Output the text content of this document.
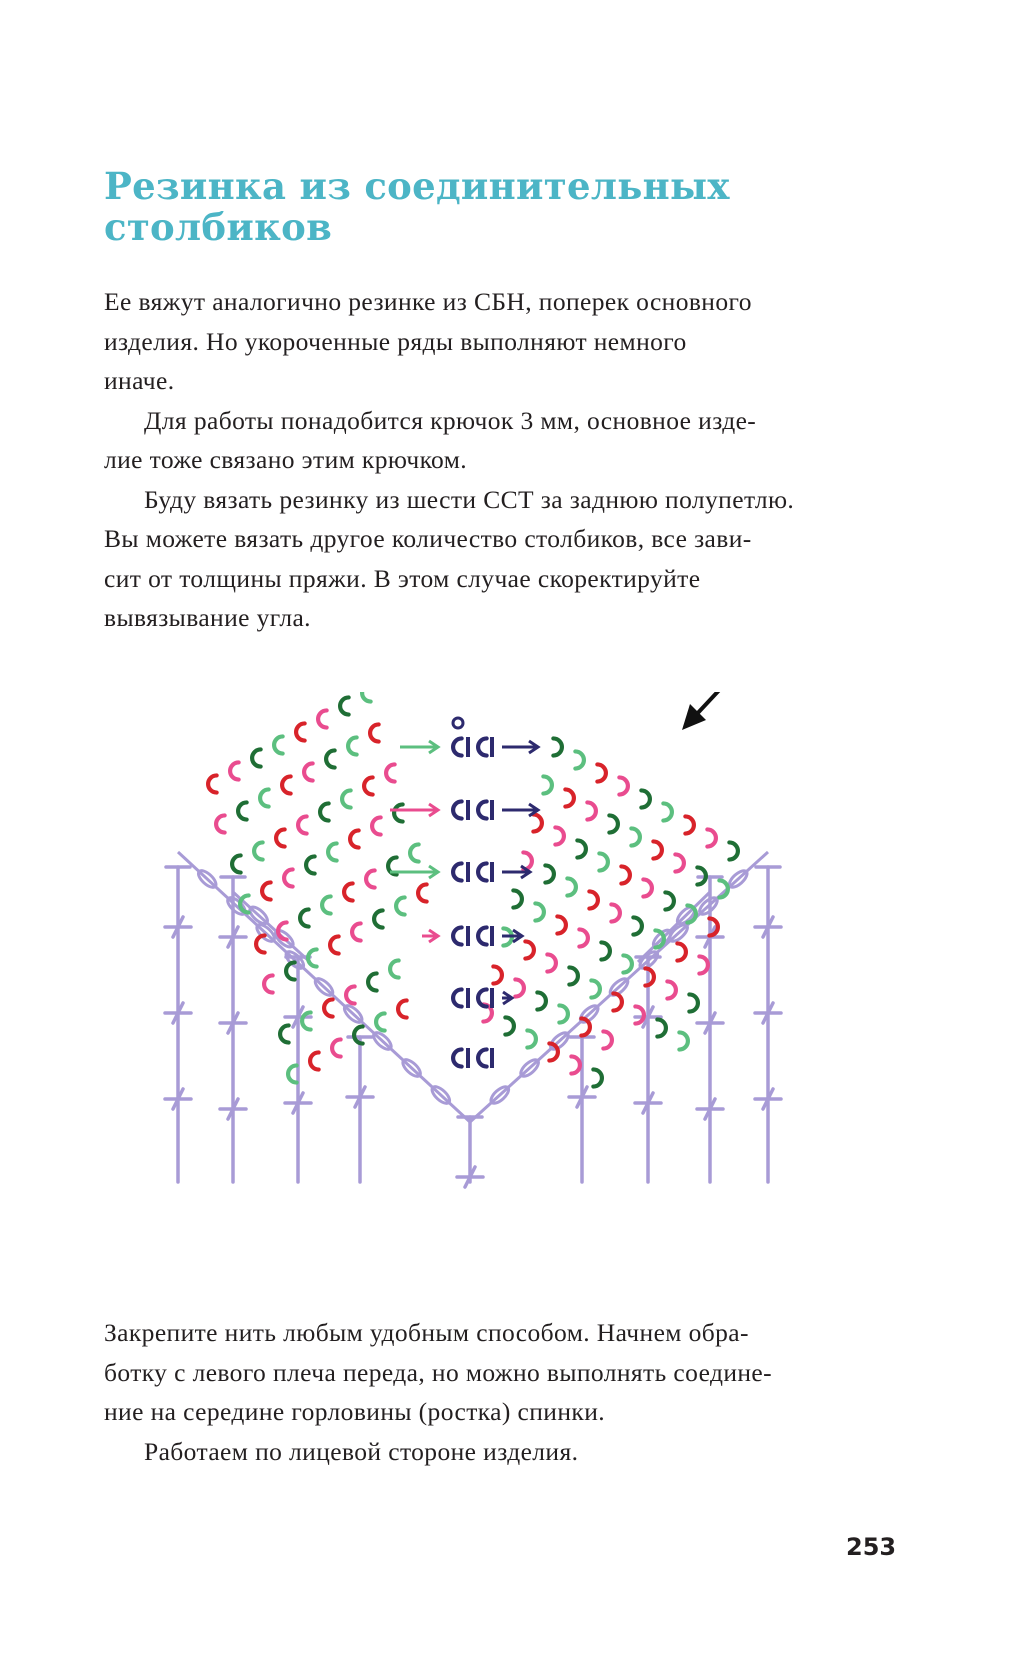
Резинка из соединительных
столбиков

Ее вяжут аналогично резинке из СБН, поперек основного
изделия. Но укороченные ряды выполняют немного
иначе.

Для работы понадобится крючок 3 мм, основное изде-
лие тоже связано этим крючком.

Буду вязать резинку из шести ССТ за заднюю полупетлю.
Вы можете вязать другое количество столбиков, все зави-
сит от толщины пряжи. В этом случае скоректируйте
вывязывание угла.

Закрепите нить любым удобным способом. Начнем обра-
ботку с левого плеча переда, но можно выполнять соедине-
ние на середине горловины (ростка) спинки.

Работаем по лицевой стороне изделия.

253
